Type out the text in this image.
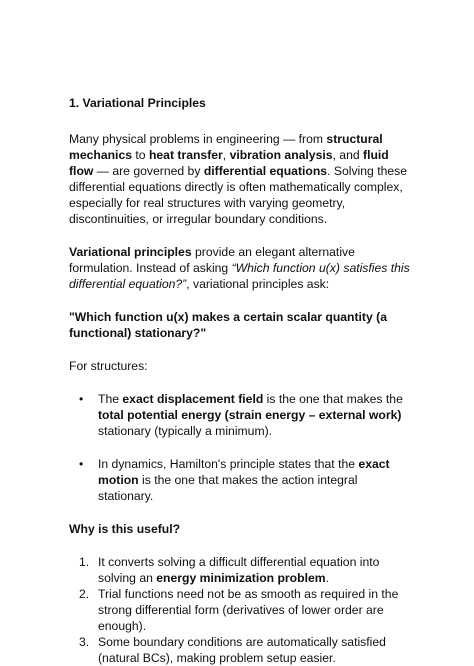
1. Variational Principles

Many physical problems in engineering — from structural mechanics to heat transfer, vibration analysis, and fluid flow — are governed by differential equations. Solving these differential equations directly is often mathematically complex, especially for real structures with varying geometry, discontinuities, or irregular boundary conditions.

Variational principles provide an elegant alternative formulation. Instead of asking “Which function u(x) satisfies this differential equation?”, variational principles ask:

"Which function u(x) makes a certain scalar quantity (a functional) stationary?"

For structures:

• The exact displacement field is the one that makes the total potential energy (strain energy – external work) stationary (typically a minimum).
• In dynamics, Hamilton's principle states that the exact motion is the one that makes the action integral stationary.

Why is this useful?

1. It converts solving a difficult differential equation into solving an energy minimization problem.
2. Trial functions need not be as smooth as required in the strong differential form (derivatives of lower order are enough).
3. Some boundary conditions are automatically satisfied (natural BCs), making problem setup easier.
